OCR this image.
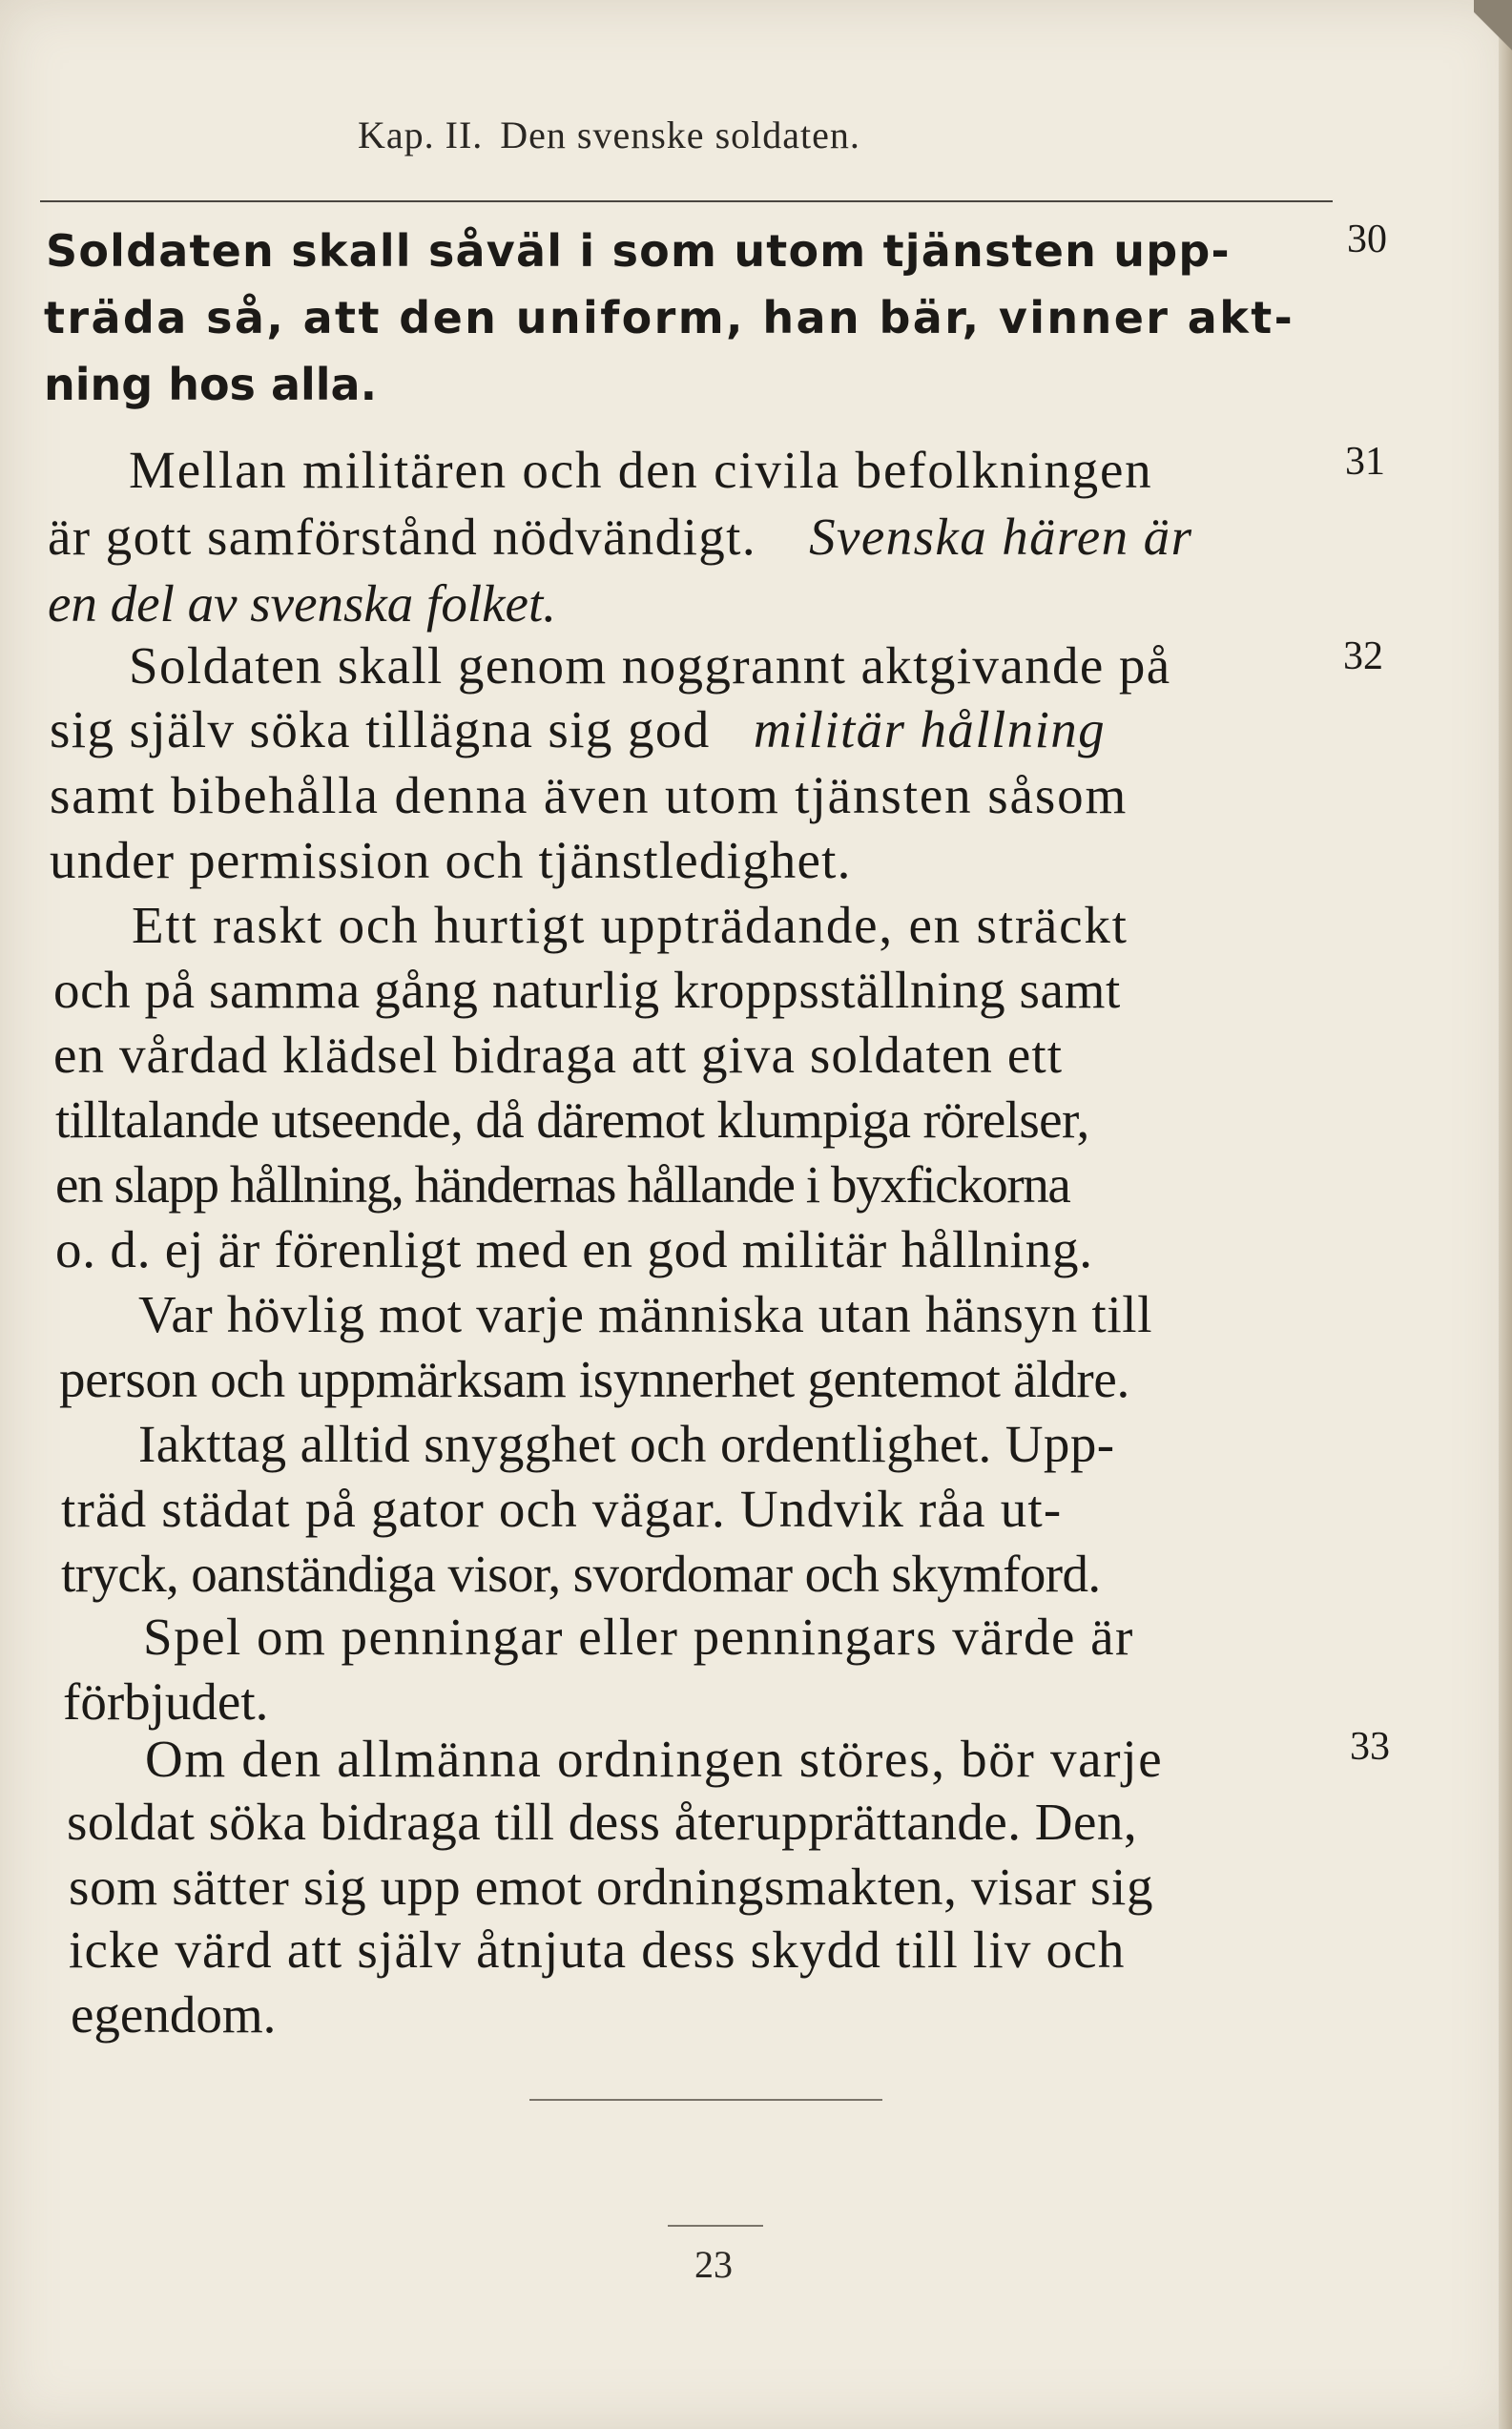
Kap. II. Den svenske soldaten.
Soldaten skall såväl i som utom tjänsten upp-
träda så, att den uniform, han bär, vinner akt-
ning hos alla.
30
Mellan militären och den civila befolkningen
är gott samförstånd nödvändigt. Svenska hären är
en del av svenska folket.
31
Soldaten skall genom noggrannt aktgivande på
sig själv söka tillägna sig god militär hållning
samt bibehålla denna även utom tjänsten såsom
under permission och tjänstledighet.
Ett raskt och hurtigt uppträdande, en sträckt
och på samma gång naturlig kroppsställning samt
en vårdad klädsel bidraga att giva soldaten ett
tilltalande utseende, då däremot klumpiga rörelser,
en slapp hållning, händernas hållande i byxfickorna
o. d. ej är förenligt med en god militär hållning.
Var hövlig mot varje människa utan hänsyn till
person och uppmärksam isynnerhet gentemot äldre.
Iakttag alltid snygghet och ordentlighet. Upp-
träd städat på gator och vägar. Undvik råa ut-
tryck, oanständiga visor, svordomar och skymford.
Spel om penningar eller penningars värde är
förbjudet.
32
Om den allmänna ordningen störes, bör varje
soldat söka bidraga till dess återupprättande. Den,
som sätter sig upp emot ordningsmakten, visar sig
icke värd att själv åtnjuta dess skydd till liv och
egendom.
33
23
